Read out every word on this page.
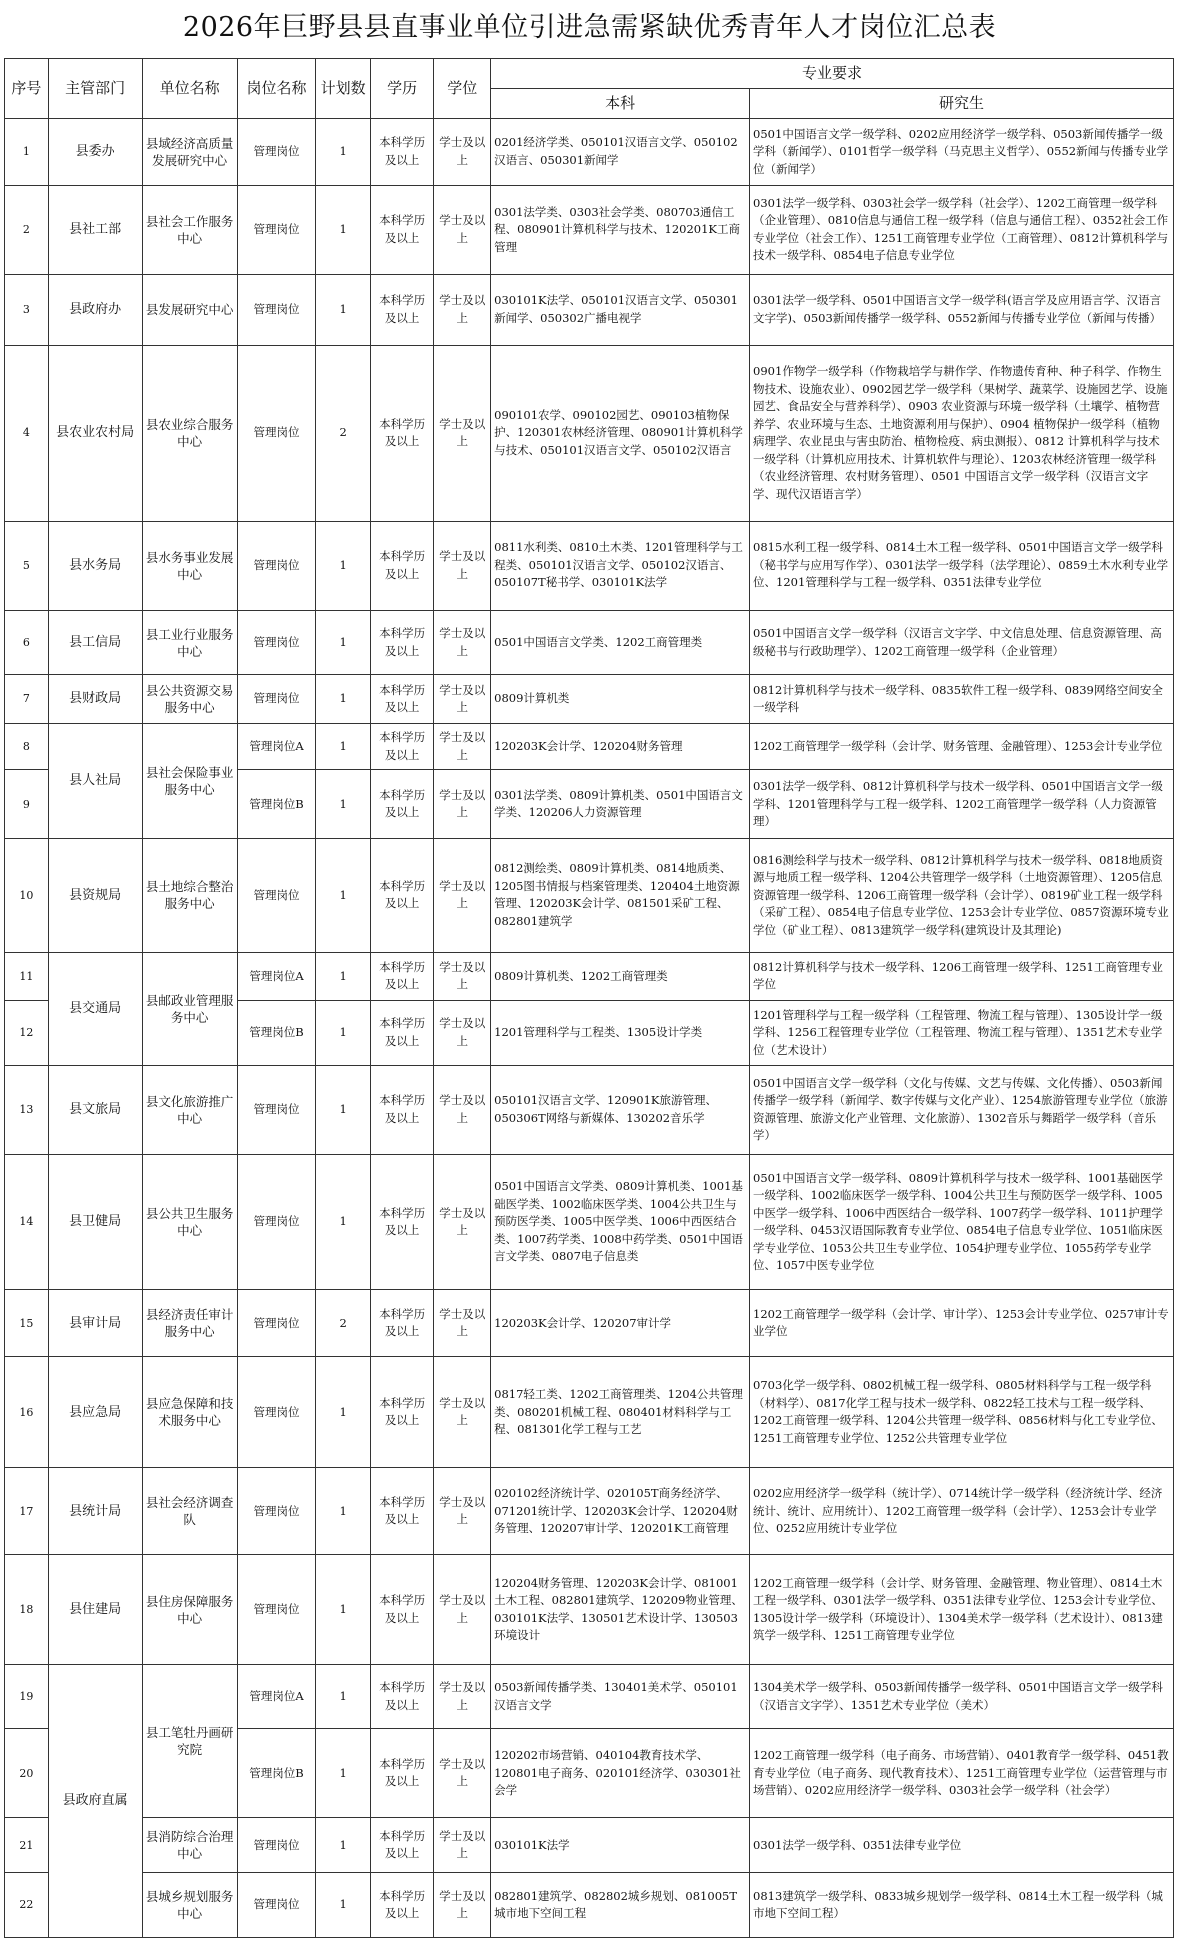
2026年巨野县县直事业单位引进急需紧缺优秀青年人才岗位汇总表
序号	主管部门	单位名称	岗位名称	计划数	学历	学位	专业要求	
							本科	研究生
1	县委办	县域经济高质量发展研究中心	管理岗位	1	本科学历及以上	学士及以上	0201经济学类、050101汉语言文学、050102汉语言、050301新闻学	0501中国语言文学一级学科、0202应用经济学一级学科、0503新闻传播学一级学科（新闻学）、0101哲学一级学科（马克思主义哲学）、0552新闻与传播专业学位（新闻学）
2	县社工部	县社会工作服务中心	管理岗位	1	本科学历及以上	学士及以上	0301法学类、0303社会学类、080703通信工程、080901计算机科学与技术、120201K工商管理	0301法学一级学科、0303社会学一级学科（社会学）、1202工商管理一级学科（企业管理）、0810信息与通信工程一级学科（信息与通信工程）、0352社会工作专业学位（社会工作）、1251工商管理专业学位（工商管理）、0812计算机科学与技术一级学科、0854电子信息专业学位
3	县政府办	县发展研究中心	管理岗位	1	本科学历及以上	学士及以上	030101K法学、050101汉语言文学、050301新闻学、050302广播电视学	0301法学一级学科、0501中国语言文学一级学科(语言学及应用语言学、汉语言文字学)、0503新闻传播学一级学科、0552新闻与传播专业学位（新闻与传播）
4	县农业农村局	县农业综合服务中心	管理岗位	2	本科学历及以上	学士及以上	090101农学、090102园艺、090103植物保护、120301农林经济管理、080901计算机科学与技术、050101汉语言文学、050102汉语言	0901作物学一级学科（作物栽培学与耕作学、作物遗传育种、种子科学、作物生物技术、设施农业）、0902园艺学一级学科（果树学、蔬菜学、设施园艺学、设施园艺、食品安全与营养科学）、0903 农业资源与环境一级学科（土壤学、植物营养学、农业环境与生态、土地资源利用与保护）、0904 植物保护一级学科（植物病理学、农业昆虫与害虫防治、植物检疫、病虫测报）、0812 计算机科学与技术一级学科（计算机应用技术、计算机软件与理论）、1203农林经济管理一级学科（农业经济管理、农村财务管理）、0501 中国语言文学一级学科（汉语言文字学、现代汉语语言学）
5	县水务局	县水务事业发展中心	管理岗位	1	本科学历及以上	学士及以上	0811水利类、0810土木类、1201管理科学与工程类、050101汉语言文学、050102汉语言、050107T秘书学、030101K法学	0815水利工程一级学科、0814土木工程一级学科、0501中国语言文学一级学科（秘书学与应用写作学）、0301法学一级学科（法学理论）、0859土木水利专业学位、1201管理科学与工程一级学科、0351法律专业学位
6	县工信局	县工业行业服务中心	管理岗位	1	本科学历及以上	学士及以上	0501中国语言文学类、1202工商管理类	0501中国语言文学一级学科（汉语言文字学、中文信息处理、信息资源管理、高级秘书与行政助理学）、1202工商管理一级学科（企业管理）
7	县财政局	县公共资源交易服务中心	管理岗位	1	本科学历及以上	学士及以上	0809计算机类	0812计算机科学与技术一级学科、0835软件工程一级学科、0839网络空间安全一级学科
8	县人社局	县社会保险事业服务中心	管理岗位A	1	本科学历及以上	学士及以上	120203K会计学、120204财务管理	1202工商管理学一级学科（会计学、财务管理、金融管理）、1253会计专业学位
9			管理岗位B	1	本科学历及以上	学士及以上	0301法学类、0809计算机类、0501中国语言文学类、120206人力资源管理	0301法学一级学科、0812计算机科学与技术一级学科、0501中国语言文学一级学科、1201管理科学与工程一级学科、1202工商管理学一级学科（人力资源管理）
10	县资规局	县土地综合整治服务中心	管理岗位	1	本科学历及以上	学士及以上	0812测绘类、0809计算机类、0814地质类、1205图书情报与档案管理类、120404土地资源管理、120203K会计学、081501采矿工程、082801建筑学	0816测绘科学与技术一级学科、0812计算机科学与技术一级学科、0818地质资源与地质工程一级学科、1204公共管理学一级学科（土地资源管理）、1205信息资源管理一级学科、1206工商管理一级学科（会计学）、0819矿业工程一级学科（采矿工程）、0854电子信息专业学位、1253会计专业学位、0857资源环境专业学位（矿业工程）、0813建筑学一级学科(建筑设计及其理论)
11	县交通局	县邮政业管理服务中心	管理岗位A	1	本科学历及以上	学士及以上	0809计算机类、1202工商管理类	0812计算机科学与技术一级学科、1206工商管理一级学科、1251工商管理专业学位
12			管理岗位B	1	本科学历及以上	学士及以上	1201管理科学与工程类、1305设计学类	1201管理科学与工程一级学科（工程管理、物流工程与管理）、1305设计学一级学科、1256工程管理专业学位（工程管理、物流工程与管理）、1351艺术专业学位（艺术设计）
13	县文旅局	县文化旅游推广中心	管理岗位	1	本科学历及以上	学士及以上	050101汉语言文学、120901K旅游管理、050306T网络与新媒体、130202音乐学	0501中国语言文学一级学科（文化与传媒、文艺与传媒、文化传播）、0503新闻传播学一级学科（新闻学、数字传媒与文化产业）、1254旅游管理专业学位（旅游资源管理、旅游文化产业管理、文化旅游）、1302音乐与舞蹈学一级学科（音乐学）
14	县卫健局	县公共卫生服务中心	管理岗位	1	本科学历及以上	学士及以上	0501中国语言文学类、0809计算机类、1001基础医学类、1002临床医学类、1004公共卫生与预防医学类、1005中医学类、1006中西医结合类、1007药学类、1008中药学类、0501中国语言文学类、0807电子信息类	0501中国语言文学一级学科、0809计算机科学与技术一级学科、1001基础医学一级学科、1002临床医学一级学科、1004公共卫生与预防医学一级学科、1005中医学一级学科、1006中西医结合一级学科、1007药学一级学科、1011护理学一级学科、0453汉语国际教育专业学位、0854电子信息专业学位、1051临床医学专业学位、1053公共卫生专业学位、1054护理专业学位、1055药学专业学位、1057中医专业学位
15	县审计局	县经济责任审计服务中心	管理岗位	2	本科学历及以上	学士及以上	120203K会计学、120207审计学	1202工商管理学一级学科（会计学、审计学）、1253会计专业学位、0257审计专业学位
16	县应急局	县应急保障和技术服务中心	管理岗位	1	本科学历及以上	学士及以上	0817轻工类、1202工商管理类、1204公共管理类、080201机械工程、080401材料科学与工程、081301化学工程与工艺	0703化学一级学科、0802机械工程一级学科、0805材料科学与工程一级学科（材料学）、0817化学工程与技术一级学科、0822轻工技术与工程一级学科、1202工商管理一级学科、1204公共管理一级学科、0856材料与化工专业学位、1251工商管理专业学位、1252公共管理专业学位
17	县统计局	县社会经济调查队	管理岗位	1	本科学历及以上	学士及以上	020102经济统计学、020105T商务经济学、071201统计学、120203K会计学、120204财务管理、120207审计学、120201K工商管理	0202应用经济学一级学科（统计学）、0714统计学一级学科（经济统计学、经济统计、统计、应用统计）、1202工商管理一级学科（会计学）、1253会计专业学位、0252应用统计专业学位
18	县住建局	县住房保障服务中心	管理岗位	1	本科学历及以上	学士及以上	120204财务管理、120203K会计学、081001土木工程、082801建筑学、120209物业管理、030101K法学、130501艺术设计学、130503环境设计	1202工商管理一级学科（会计学、财务管理、金融管理、物业管理）、0814土木工程一级学科、0301法学一级学科、0351法律专业学位、1253会计专业学位、1305设计学一级学科（环境设计）、1304美术学一级学科（艺术设计）、0813建筑学一级学科、1251工商管理专业学位
19	县政府直属	县工笔牡丹画研究院	管理岗位A	1	本科学历及以上	学士及以上	0503新闻传播学类、130401美术学、050101汉语言文学	1304美术学一级学科、0503新闻传播学一级学科、0501中国语言文学一级学科（汉语言文字学）、1351艺术专业学位（美术）
20			管理岗位B	1	本科学历及以上	学士及以上	120202市场营销、040104教育技术学、120801电子商务、020101经济学、030301社会学	1202工商管理一级学科（电子商务、市场营销）、0401教育学一级学科、0451教育专业学位（电子商务、现代教育技术）、1251工商管理专业学位（运营管理与市场营销）、0202应用经济学一级学科、0303社会学一级学科（社会学）
21		县消防综合治理中心	管理岗位	1	本科学历及以上	学士及以上	030101K法学	0301法学一级学科、0351法律专业学位
22		县城乡规划服务中心	管理岗位	1	本科学历及以上	学士及以上	082801建筑学、082802城乡规划、081005T城市地下空间工程	0813建筑学一级学科、0833城乡规划学一级学科、0814土木工程一级学科（城市地下空间工程）
